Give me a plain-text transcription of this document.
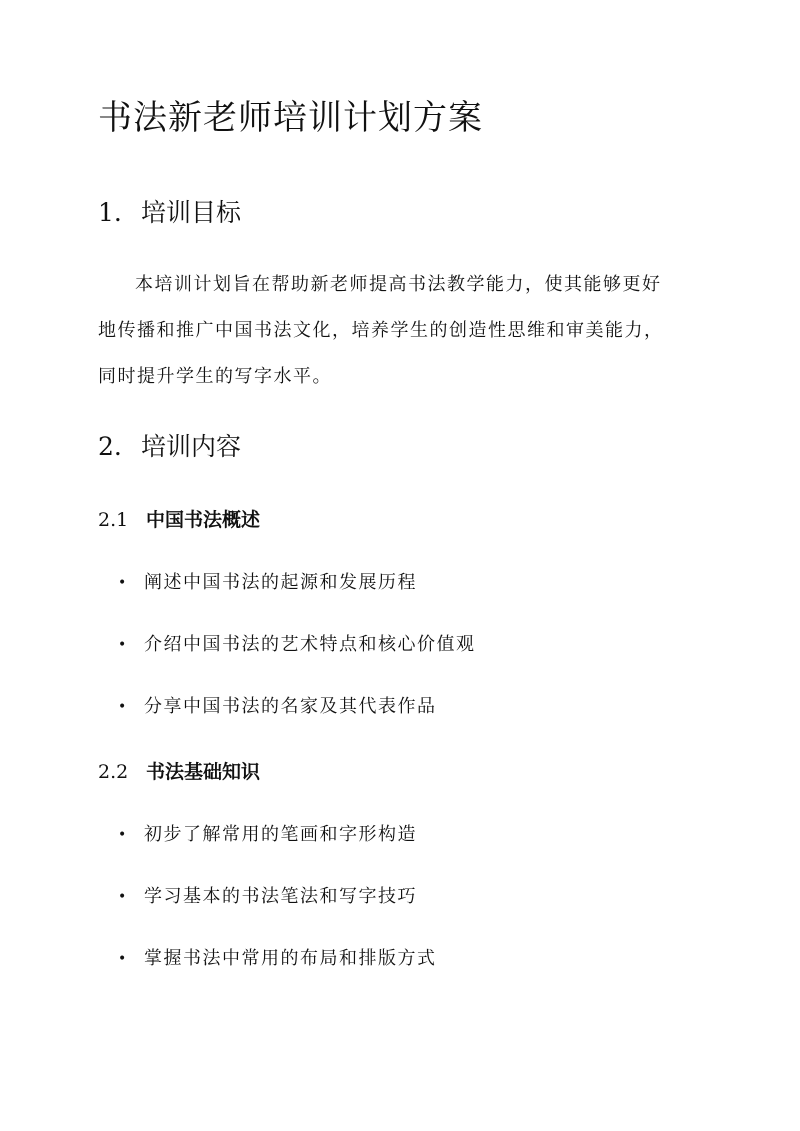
书法新老师培训计划方案
1. 培训目标
本培训计划旨在帮助新老师提高书法教学能力，使其能够更好
地传播和推广中国书法文化，培养学生的创造性思维和审美能力，
同时提升学生的写字水平。
2. 培训内容
2.1 中国书法概述

• 阐述中国书法的起源和发展历程

• 介绍中国书法的艺术特点和核心价值观

• 分享中国书法的名家及其代表作品

2.2 书法基础知识

• 初步了解常用的笔画和字形构造

• 学习基本的书法笔法和写字技巧

• 掌握书法中常用的布局和排版方式
